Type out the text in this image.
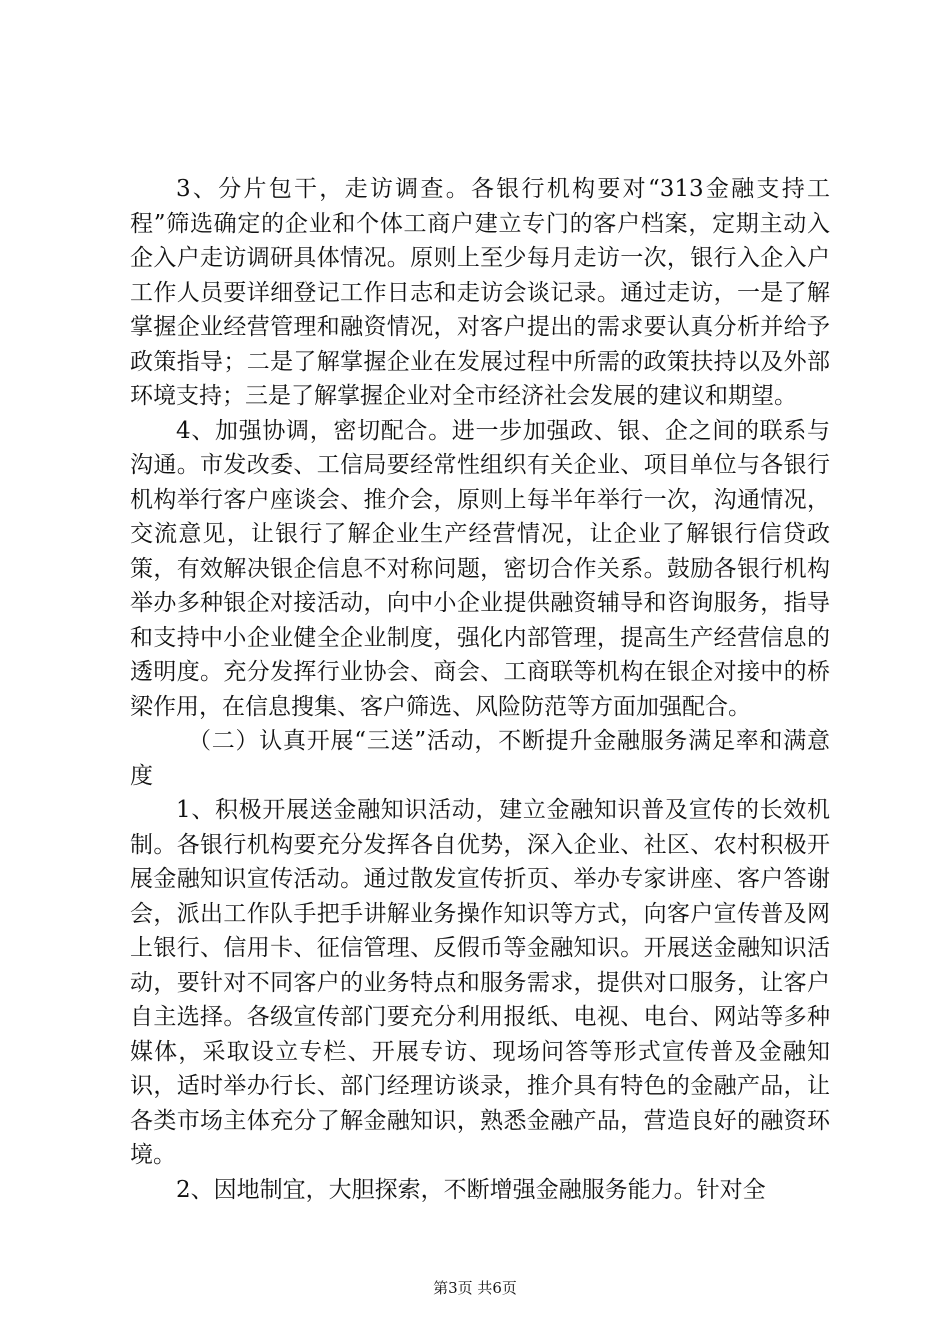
3、分片包干，走访调查。各银行机构要对“313金融支持工程”筛选确定的企业和个体工商户建立专门的客户档案，定期主动入企入户走访调研具体情况。原则上至少每月走访一次，银行入企入户工作人员要详细登记工作日志和走访会谈记录。通过走访，一是了解掌握企业经营管理和融资情况，对客户提出的需求要认真分析并给予政策指导；二是了解掌握企业在发展过程中所需的政策扶持以及外部环境支持；三是了解掌握企业对全市经济社会发展的建议和期望。

4、加强协调，密切配合。进一步加强政、银、企之间的联系与沟通。市发改委、工信局要经常性组织有关企业、项目单位与各银行机构举行客户座谈会、推介会，原则上每半年举行一次，沟通情况，交流意见，让银行了解企业生产经营情况，让企业了解银行信贷政策，有效解决银企信息不对称问题，密切合作关系。鼓励各银行机构举办多种银企对接活动，向中小企业提供融资辅导和咨询服务，指导和支持中小企业健全企业制度，强化内部管理，提高生产经营信息的透明度。充分发挥行业协会、商会、工商联等机构在银企对接中的桥梁作用，在信息搜集、客户筛选、风险防范等方面加强配合。

（二）认真开展“三送”活动，不断提升金融服务满足率和满意度

1、积极开展送金融知识活动，建立金融知识普及宣传的长效机制。各银行机构要充分发挥各自优势，深入企业、社区、农村积极开展金融知识宣传活动。通过散发宣传折页、举办专家讲座、客户答谢会，派出工作队手把手讲解业务操作知识等方式，向客户宣传普及网上银行、信用卡、征信管理、反假币等金融知识。开展送金融知识活动，要针对不同客户的业务特点和服务需求，提供对口服务，让客户自主选择。各级宣传部门要充分利用报纸、电视、电台、网站等多种媒体，采取设立专栏、开展专访、现场问答等形式宣传普及金融知识，适时举办行长、部门经理访谈录，推介具有特色的金融产品，让各类市场主体充分了解金融知识，熟悉金融产品，营造良好的融资环境。

2、因地制宜，大胆探索，不断增强金融服务能力。针对全

第3页 共6页
